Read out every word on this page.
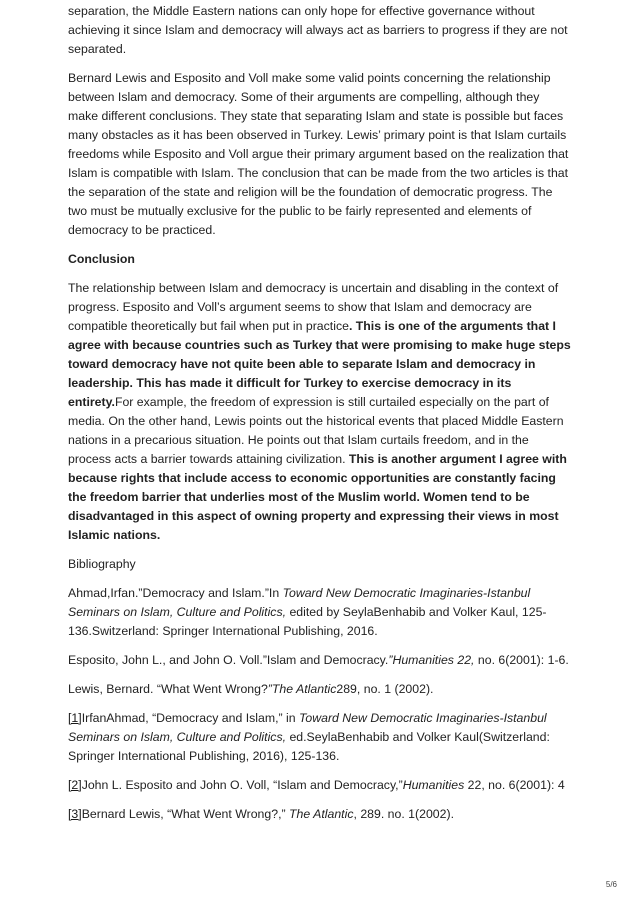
separation, the Middle Eastern nations can only hope for effective governance without achieving it since Islam and democracy will always act as barriers to progress if they are not separated.

Bernard Lewis and Esposito and Voll make some valid points concerning the relationship between Islam and democracy. Some of their arguments are compelling, although they make different conclusions. They state that separating Islam and state is possible but faces many obstacles as it has been observed in Turkey. Lewis’ primary point is that Islam curtails freedoms while Esposito and Voll argue their primary argument based on the realization that Islam is compatible with Islam. The conclusion that can be made from the two articles is that the separation of the state and religion will be the foundation of democratic progress. The two must be mutually exclusive for the public to be fairly represented and elements of democracy to be practiced.

Conclusion

The relationship between Islam and democracy is uncertain and disabling in the context of progress. Esposito and Voll’s argument seems to show that Islam and democracy are compatible theoretically but fail when put in practice. This is one of the arguments that I agree with because countries such as Turkey that were promising to make huge steps toward democracy have not quite been able to separate Islam and democracy in leadership. This has made it difficult for Turkey to exercise democracy in its entirety.For example, the freedom of expression is still curtailed especially on the part of media. On the other hand, Lewis points out the historical events that placed Middle Eastern nations in a precarious situation. He points out that Islam curtails freedom, and in the process acts a barrier towards attaining civilization. This is another argument I agree with because rights that include access to economic opportunities are constantly facing the freedom barrier that underlies most of the Muslim world. Women tend to be disadvantaged in this aspect of owning property and expressing their views in most Islamic nations.

Bibliography

Ahmad,Irfan.”Democracy and Islam.”In Toward New Democratic Imaginaries-Istanbul Seminars on Islam, Culture and Politics, edited by SeylaBenhabib and Volker Kaul, 125-136.Switzerland: Springer International Publishing, 2016.

Esposito, John L., and John O. Voll.”Islam and Democracy.”Humanities 22, no. 6(2001): 1-6.

Lewis, Bernard. “What Went Wrong?”The Atlantic289, no. 1 (2002).

[1]IrfanAhmad, “Democracy and Islam,” in Toward New Democratic Imaginaries-Istanbul Seminars on Islam, Culture and Politics, ed.SeylaBenhabib and Volker Kaul(Switzerland: Springer International Publishing, 2016), 125-136.

[2]John L. Esposito and John O. Voll, “Islam and Democracy,”Humanities 22, no. 6(2001): 4

[3]Bernard Lewis, “What Went Wrong?,” The Atlantic, 289. no. 1(2002).

5/6
